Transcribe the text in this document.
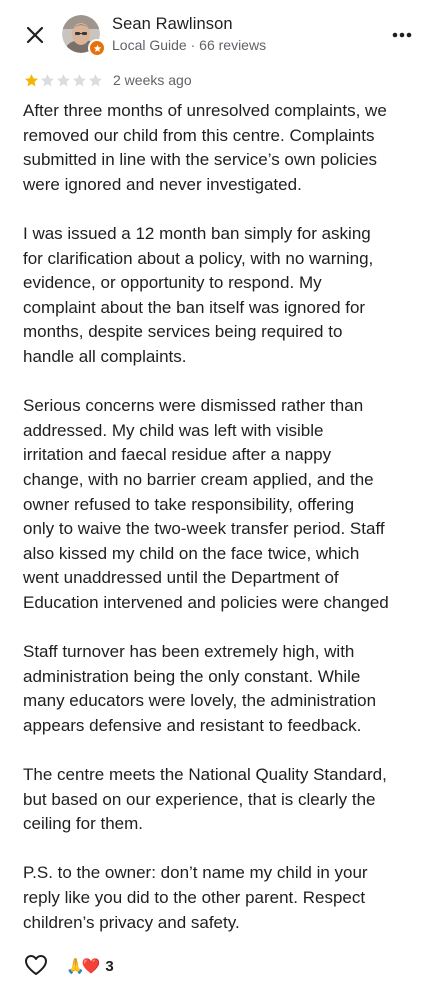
Sean Rawlinson
Local Guide · 66 reviews
2 weeks ago

After three months of unresolved complaints, we
removed our child from this centre. Complaints
submitted in line with the service’s own policies
were ignored and never investigated.

I was issued a 12 month ban simply for asking
for clarification about a policy, with no warning,
evidence, or opportunity to respond. My
complaint about the ban itself was ignored for
months, despite services being required to
handle all complaints.

Serious concerns were dismissed rather than
addressed. My child was left with visible
irritation and faecal residue after a nappy
change, with no barrier cream applied, and the
owner refused to take responsibility, offering
only to waive the two-week transfer period. Staff
also kissed my child on the face twice, which
went unaddressed until the Department of
Education intervened and policies were changed

Staff turnover has been extremely high, with
administration being the only constant. While
many educators were lovely, the administration
appears defensive and resistant to feedback.

The centre meets the National Quality Standard,
but based on our experience, that is clearly the
ceiling for them.

P.S. to the owner: don’t name my child in your
reply like you did to the other parent. Respect
children’s privacy and safety.

🙏❤️ 3
